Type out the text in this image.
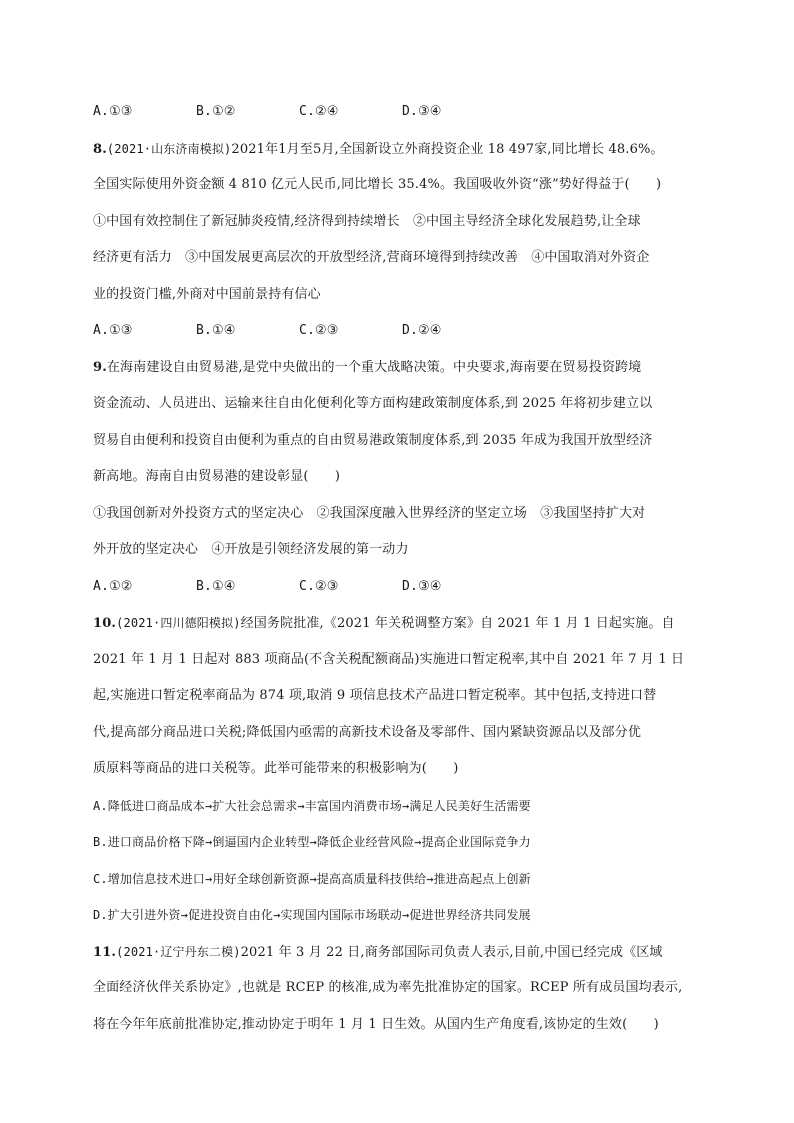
A.①③	B.①②	C.②④	D.③④
8.(2021·山东济南模拟)2021年1月至5月,全国新设立外商投资企业 18 497家,同比增长 48.6%。
全国实际使用外资金额 4 810 亿元人民币,同比增长 35.4%。我国吸收外资“涨”势好得益于(　　)
①中国有效控制住了新冠肺炎疫情,经济得到持续增长　②中国主导经济全球化发展趋势,让全球
经济更有活力　③中国发展更高层次的开放型经济,营商环境得到持续改善　④中国取消对外资企
业的投资门槛,外商对中国前景持有信心
A.①③	B.①④	C.②③	D.②④
9.在海南建设自由贸易港,是党中央做出的一个重大战略决策。中央要求,海南要在贸易投资跨境
资金流动、人员进出、运输来往自由化便利化等方面构建政策制度体系,到 2025 年将初步建立以
贸易自由便利和投资自由便利为重点的自由贸易港政策制度体系,到 2035 年成为我国开放型经济
新高地。海南自由贸易港的建设彰显(　　)
①我国创新对外投资方式的坚定决心　②我国深度融入世界经济的坚定立场　③我国坚持扩大对
外开放的坚定决心　④开放是引领经济发展的第一动力
A.①②	B.①④	C.②③	D.③④
10.(2021·四川德阳模拟)经国务院批准,《2021 年关税调整方案》自 2021 年 1 月 1 日起实施。自
2021 年 1 月 1 日起对 883 项商品(不含关税配额商品)实施进口暂定税率,其中自 2021 年 7 月 1 日
起,实施进口暂定税率商品为 874 项,取消 9 项信息技术产品进口暂定税率。其中包括,支持进口替
代,提高部分商品进口关税;降低国内亟需的高新技术设备及零部件、国内紧缺资源品以及部分优
质原料等商品的进口关税等。此举可能带来的积极影响为(　　)
A.降低进口商品成本→扩大社会总需求→丰富国内消费市场→满足人民美好生活需要
B.进口商品价格下降→倒逼国内企业转型→降低企业经营风险→提高企业国际竞争力
C.增加信息技术进口→用好全球创新资源→提高高质量科技供给→推进高起点上创新
D.扩大引进外资→促进投资自由化→实现国内国际市场联动→促进世界经济共同发展
11.(2021·辽宁丹东二模)2021 年 3 月 22 日,商务部国际司负责人表示,目前,中国已经完成《区域
全面经济伙伴关系协定》,也就是 RCEP 的核准,成为率先批准协定的国家。RCEP 所有成员国均表示,
将在今年年底前批准协定,推动协定于明年 1 月 1 日生效。从国内生产角度看,该协定的生效(　　)
